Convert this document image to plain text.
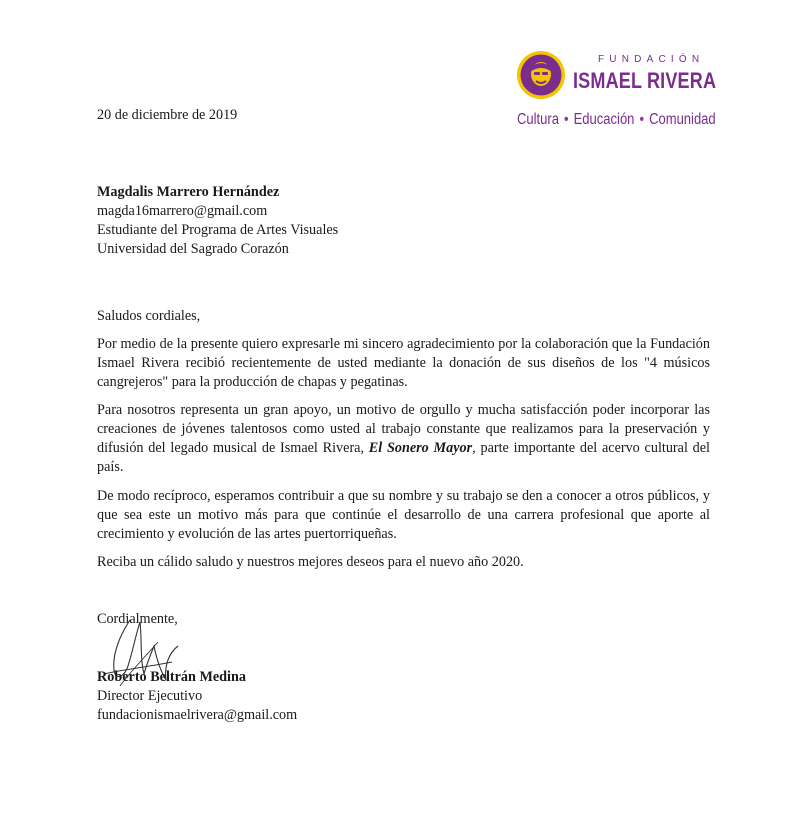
FUNDACIÓN
ISMAEL RIVERA
Cultura • Educación • Comunidad
20 de diciembre de 2019
Magdalis Marrero Hernández
magda16marrero@gmail.com
Estudiante del Programa de Artes Visuales
Universidad del Sagrado Corazón
Saludos cordiales,
Por medio de la presente quiero expresarle mi sincero agradecimiento por la colaboración que la Fundación Ismael Rivera recibió recientemente de usted mediante la donación de sus diseños de los "4 músicos cangrejeros" para la producción de chapas y pegatinas.
Para nosotros representa un gran apoyo, un motivo de orgullo y mucha satisfacción poder incorporar las creaciones de jóvenes talentosos como usted al trabajo constante que realizamos para la preservación y difusión del legado musical de Ismael Rivera, El Sonero Mayor, parte importante del acervo cultural del país.
De modo recíproco, esperamos contribuir a que su nombre y su trabajo se den a conocer a otros públicos, y que sea este un motivo más para que continúe el desarrollo de una carrera profesional que aporte al crecimiento y evolución de las artes puertorriqueñas.
Reciba un cálido saludo y nuestros mejores deseos para el nuevo año 2020.
Cordialmente,
Roberto Beltrán Medina
Director Ejecutivo
fundacionismaelrivera@gmail.com
